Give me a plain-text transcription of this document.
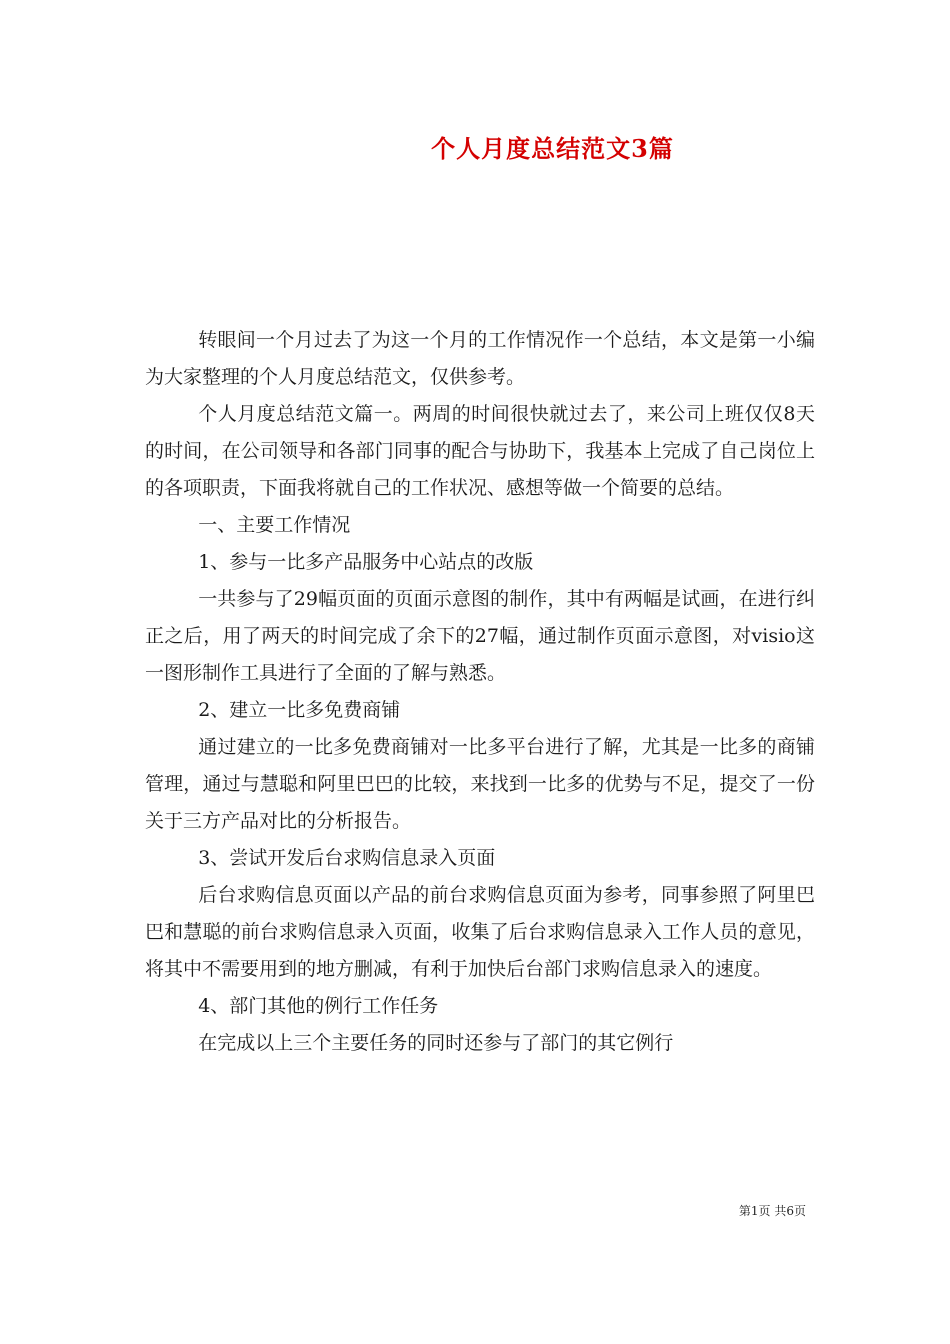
个人月度总结范文3篇

转眼间一个月过去了为这一个月的工作情况作一个总结，本文是第一小编为大家整理的个人月度总结范文，仅供参考。

个人月度总结范文篇一。两周的时间很快就过去了，来公司上班仅仅8天的时间，在公司领导和各部门同事的配合与协助下，我基本上完成了自己岗位上的各项职责，下面我将就自己的工作状况、感想等做一个简要的总结。

一、主要工作情况

1、参与一比多产品服务中心站点的改版

一共参与了29幅页面的页面示意图的制作，其中有两幅是试画，在进行纠正之后，用了两天的时间完成了余下的27幅，通过制作页面示意图，对visio这一图形制作工具进行了全面的了解与熟悉。

2、建立一比多免费商铺

通过建立的一比多免费商铺对一比多平台进行了解，尤其是一比多的商铺管理，通过与慧聪和阿里巴巴的比较，来找到一比多的优势与不足，提交了一份关于三方产品对比的分析报告。

3、尝试开发后台求购信息录入页面

后台求购信息页面以产品的前台求购信息页面为参考，同事参照了阿里巴巴和慧聪的前台求购信息录入页面，收集了后台求购信息录入工作人员的意见，将其中不需要用到的地方删减，有利于加快后台部门求购信息录入的速度。

4、部门其他的例行工作任务

在完成以上三个主要任务的同时还参与了部门的其它例行

第1页 共6页
